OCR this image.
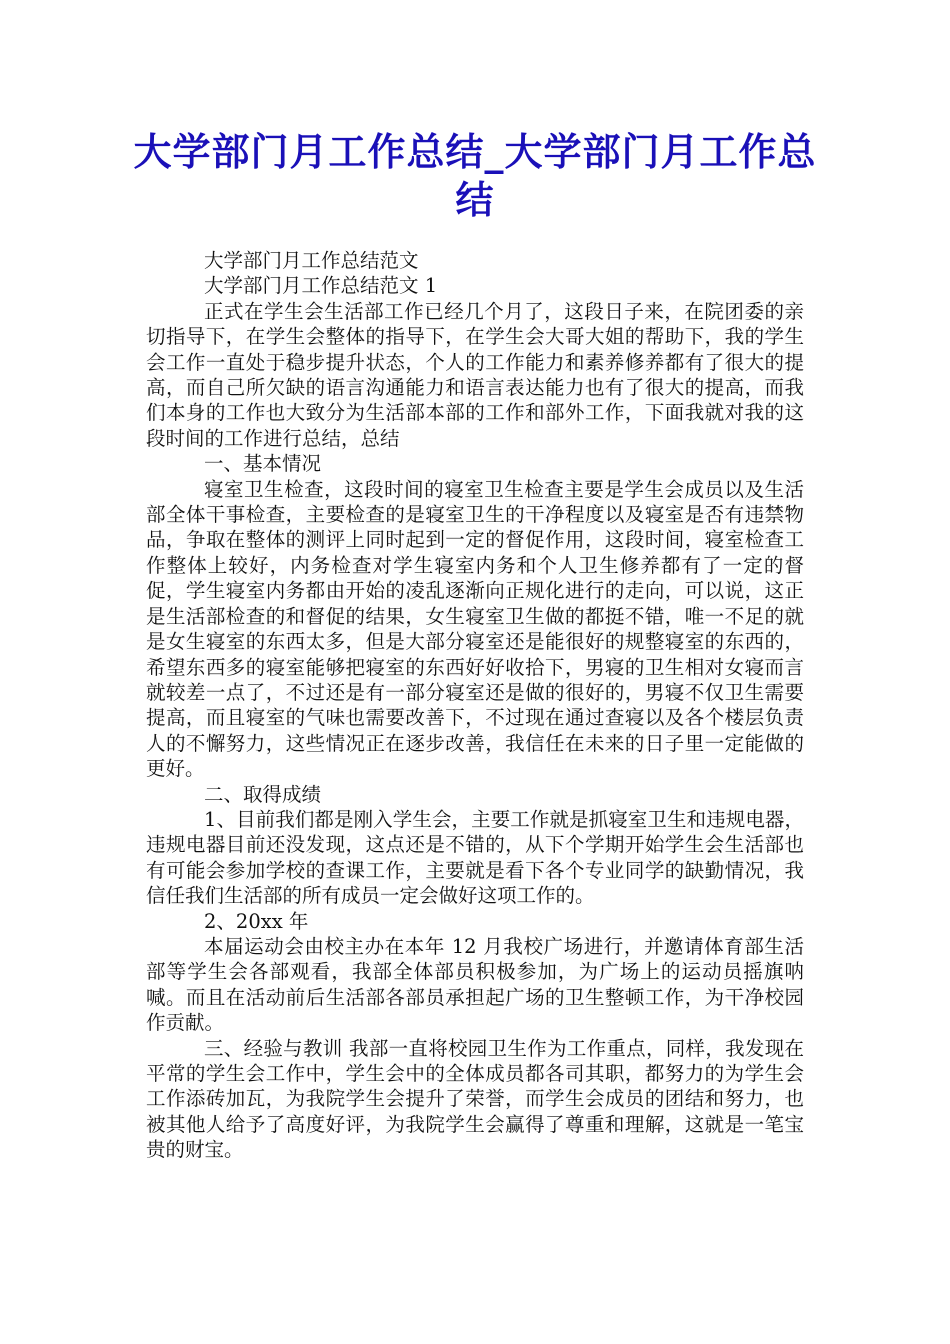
大学部门月工作总结_大学部门月工作总结

大学部门月工作总结范文

大学部门月工作总结范文 1

正式在学生会生活部工作已经几个月了，这段日子来，在院团委的亲切指导下，在学生会整体的指导下，在学生会大哥大姐的帮助下，我的学生会工作一直处于稳步提升状态，个人的工作能力和素养修养都有了很大的提高，而自己所欠缺的语言沟通能力和语言表达能力也有了很大的提高，而我们本身的工作也大致分为生活部本部的工作和部外工作，下面我就对我的这段时间的工作进行总结，总结

一、基本情况

寝室卫生检查，这段时间的寝室卫生检查主要是学生会成员以及生活部全体干事检查，主要检查的是寝室卫生的干净程度以及寝室是否有违禁物品，争取在整体的测评上同时起到一定的督促作用，这段时间，寝室检查工作整体上较好，内务检查对学生寝室内务和个人卫生修养都有了一定的督促，学生寝室内务都由开始的凌乱逐渐向正规化进行的走向，可以说，这正是生活部检查的和督促的结果，女生寝室卫生做的都挺不错，唯一不足的就是女生寝室的东西太多，但是大部分寝室还是能很好的规整寝室的东西的，希望东西多的寝室能够把寝室的东西好好收拾下，男寝的卫生相对女寝而言就较差一点了，不过还是有一部分寝室还是做的很好的，男寝不仅卫生需要提高，而且寝室的气味也需要改善下，不过现在通过查寝以及各个楼层负责人的不懈努力，这些情况正在逐步改善，我信任在未来的日子里一定能做的更好。

二、取得成绩

1、目前我们都是刚入学生会，主要工作就是抓寝室卫生和违规电器，违规电器目前还没发现，这点还是不错的，从下个学期开始学生会生活部也有可能会参加学校的查课工作，主要就是看下各个专业同学的缺勤情况，我信任我们生活部的所有成员一定会做好这项工作的。

2、20xx 年

本届运动会由校主办在本年 12 月我校广场进行，并邀请体育部生活部等学生会各部观看，我部全体部员积极参加，为广场上的运动员摇旗呐喊。而且在活动前后生活部各部员承担起广场的卫生整顿工作，为干净校园作贡献。

三、经验与教训 我部一直将校园卫生作为工作重点，同样，我发现在平常的学生会工作中，学生会中的全体成员都各司其职，都努力的为学生会工作添砖加瓦，为我院学生会提升了荣誉，而学生会成员的团结和努力，也被其他人给予了高度好评，为我院学生会赢得了尊重和理解，这就是一笔宝贵的财宝。
